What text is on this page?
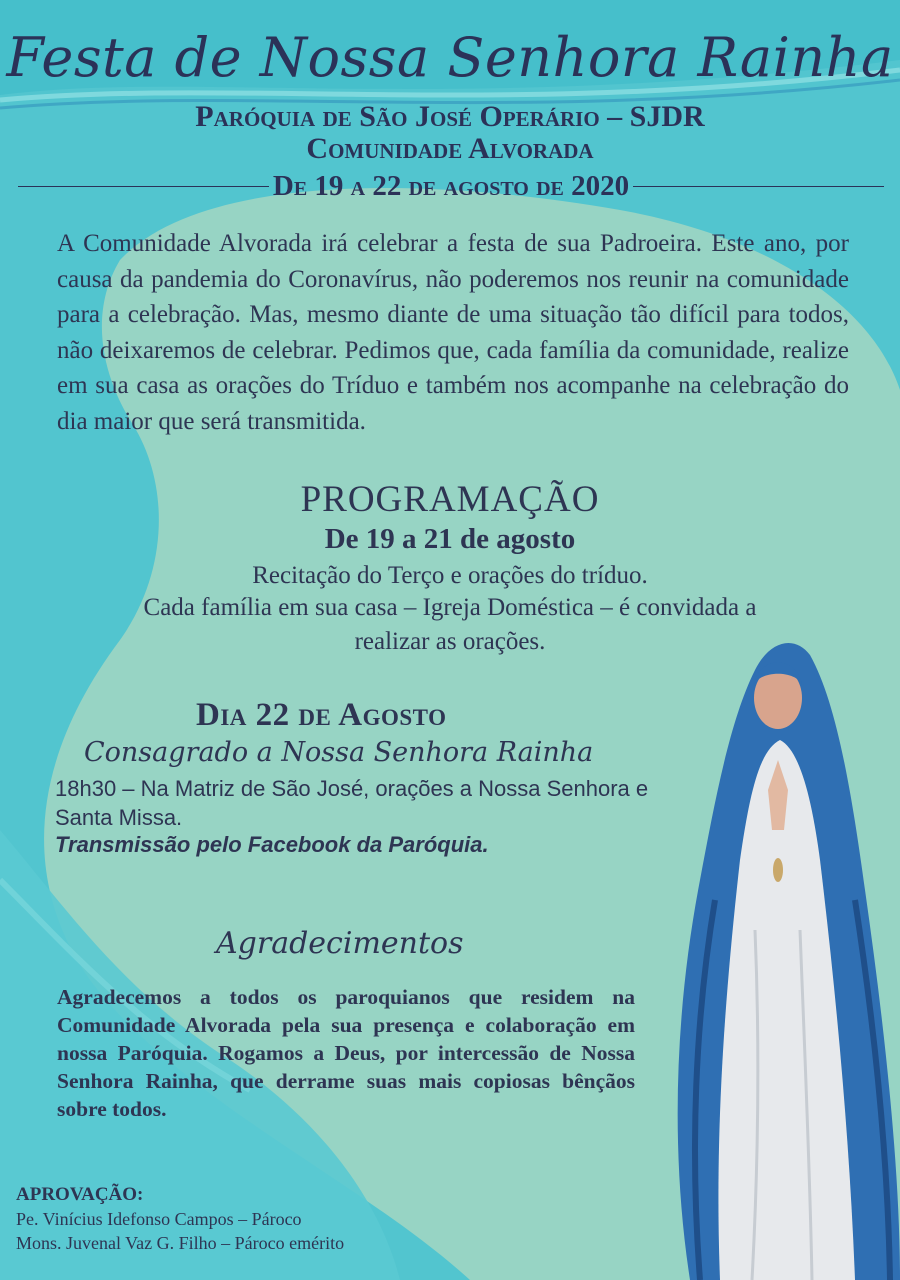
Festa de Nossa Senhora Rainha
Paróquia de São José Operário – SJDR
Comunidade Alvorada
De 19 a 22 de agosto de 2020
A Comunidade Alvorada irá celebrar a festa de sua Padroeira. Este ano, por causa da pandemia do Coronavírus, não poderemos nos reunir na comunidade para a celebração. Mas, mesmo diante de uma situação tão difícil para todos, não deixaremos de celebrar. Pedimos que, cada família da comunidade, realize em sua casa as orações do Tríduo e também nos acompanhe na celebração do dia maior que será transmitida.
PROGRAMAÇÃO
De 19 a 21 de agosto
Recitação do Terço e orações do tríduo.
Cada família em sua casa – Igreja Doméstica – é convidada a
realizar as orações.
Dia 22 de Agosto
Consagrado a Nossa Senhora Rainha
18h30 – Na Matriz de São José, orações a Nossa Senhora e Santa Missa.
Transmissão pelo Facebook da Paróquia.
Agradecimentos
Agradecemos a todos os paroquianos que residem na Comunidade Alvorada pela sua presença e colaboração em nossa Paróquia. Rogamos a Deus, por intercessão de Nossa Senhora Rainha, que derrame suas mais copiosas bênçãos sobre todos.
APROVAÇÃO:
Pe. Vinícius Idefonso Campos – Pároco
Mons. Juvenal Vaz G. Filho – Pároco emérito
